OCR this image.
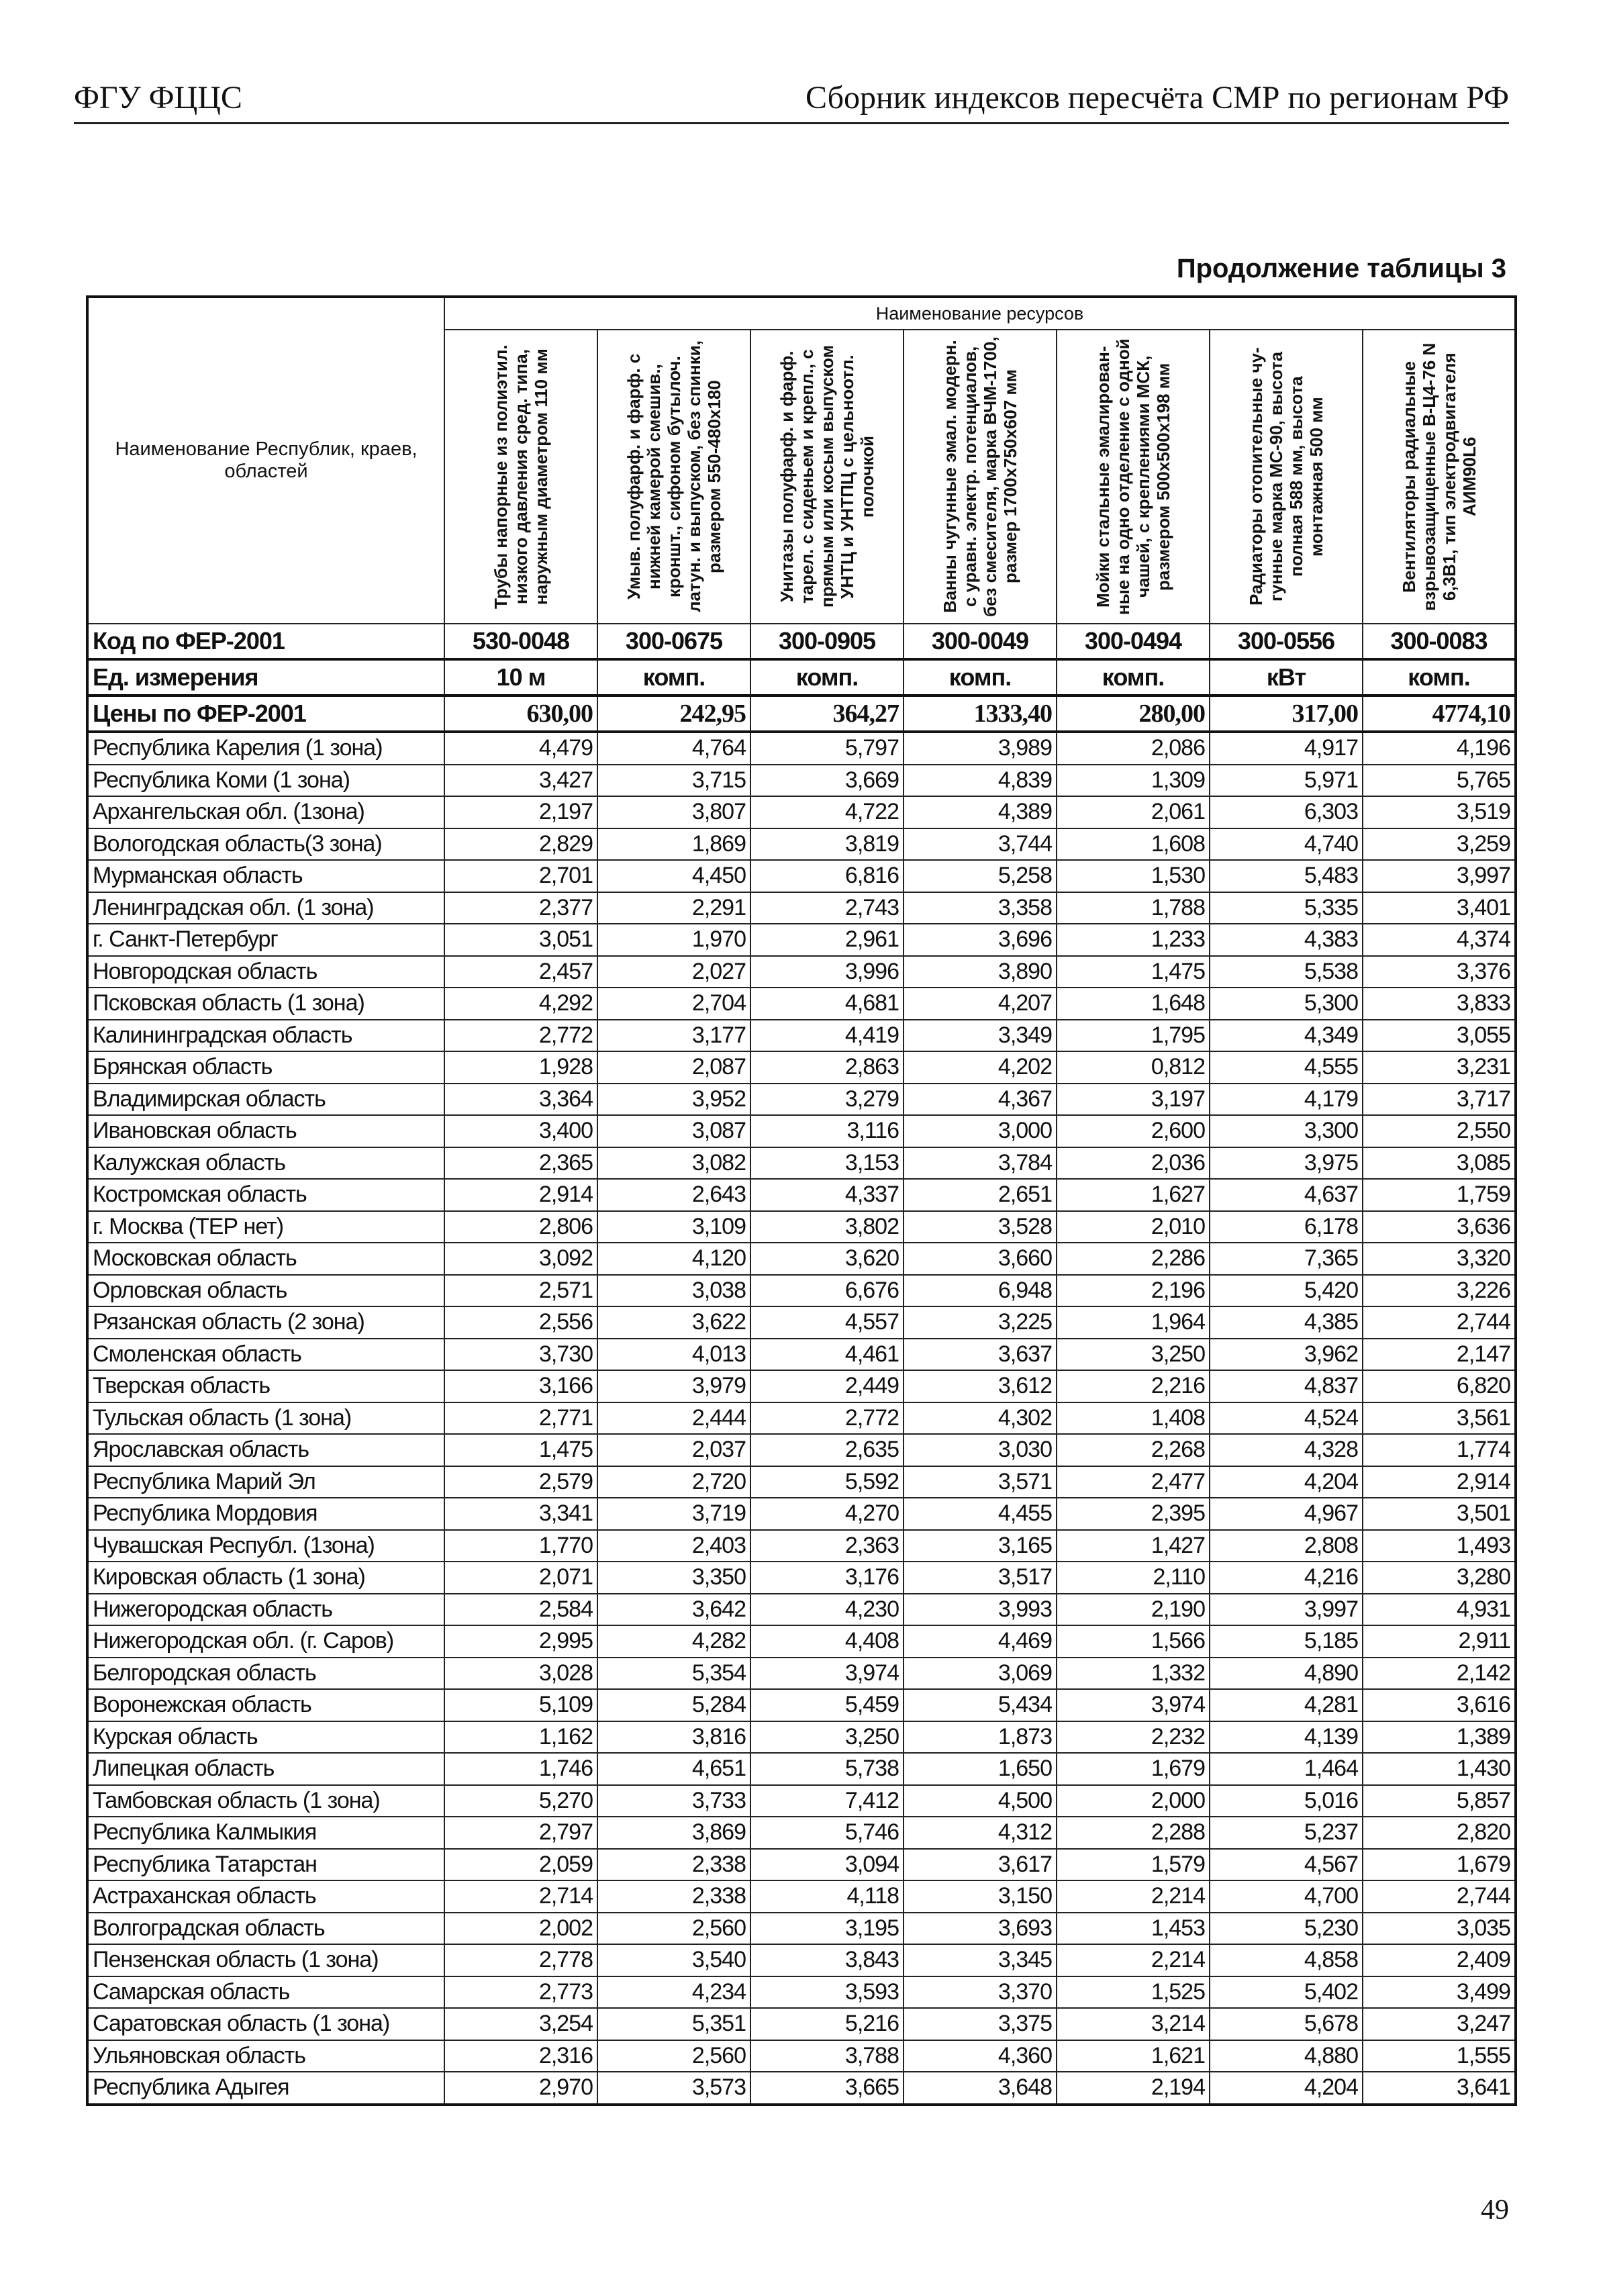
ФГУ ФЦЦС	Сборник индексов пересчёта СМР по регионам РФ
Продолжение таблицы 3
Наименование Республик, краев, областей	Наименование ресурсов						

	Трубы напорные из полиэтил. низкого давления сред. типа, наружным диаметром 110 мм	Умыв. полуфарф. и фарф. с нижней камерой смешив., кроншт., сифоном бутылоч. латун. и выпуском, без спинки, размером 550-480х180	Унитазы полуфарф. и фарф. тарел. с сиденьем и крепл., с прямым или косым выпуском УНТЦ и УНТПЦ с цельноотл. полочкой	Ванны чугунные эмал. модерн. с уравн. электр. потенциалов, без смесителя, марка ВЧМ-1700, размер 1700х750х607 мм	Мойки стальные эмалирован-ные на одно отделение с одной чашей, с креплениями МСК, размером 500х500х198 мм	Радиаторы отопительные чу-гунные марка МС-90, высота полная 588 мм, высота монтажная 500 мм	Вентиляторы радиальные взрывозащищенные В-Ц4-76 N 6,3В1, тип электродвигателя АИМ90L6

Код по ФЕР-2001	530-0048	300-0675	300-0905	300-0049	300-0494	300-0556	300-0083
Ед. измерения	10 м	комп.	комп.	комп.	комп.	кВт	комп.
Цены по ФЕР-2001	630,00	242,95	364,27	1333,40	280,00	317,00	4774,10
Республика Карелия (1 зона)	4,479	4,764	5,797	3,989	2,086	4,917	4,196
Республика Коми (1 зона)	3,427	3,715	3,669	4,839	1,309	5,971	5,765
Архангельская обл. (1зона)	2,197	3,807	4,722	4,389	2,061	6,303	3,519
Вологодская область(3 зона)	2,829	1,869	3,819	3,744	1,608	4,740	3,259
Мурманская область	2,701	4,450	6,816	5,258	1,530	5,483	3,997
Ленинградская обл. (1 зона)	2,377	2,291	2,743	3,358	1,788	5,335	3,401
г. Санкт-Петербург	3,051	1,970	2,961	3,696	1,233	4,383	4,374
Новгородская область	2,457	2,027	3,996	3,890	1,475	5,538	3,376
Псковская область (1 зона)	4,292	2,704	4,681	4,207	1,648	5,300	3,833
Калининградская область	2,772	3,177	4,419	3,349	1,795	4,349	3,055
Брянская область	1,928	2,087	2,863	4,202	0,812	4,555	3,231
Владимирская область	3,364	3,952	3,279	4,367	3,197	4,179	3,717
Ивановская область	3,400	3,087	3,116	3,000	2,600	3,300	2,550
Калужская область	2,365	3,082	3,153	3,784	2,036	3,975	3,085
Костромская область	2,914	2,643	4,337	2,651	1,627	4,637	1,759
г. Москва (ТЕР нет)	2,806	3,109	3,802	3,528	2,010	6,178	3,636
Московская область	3,092	4,120	3,620	3,660	2,286	7,365	3,320
Орловская область	2,571	3,038	6,676	6,948	2,196	5,420	3,226
Рязанская область (2 зона)	2,556	3,622	4,557	3,225	1,964	4,385	2,744
Смоленская область	3,730	4,013	4,461	3,637	3,250	3,962	2,147
Тверская область	3,166	3,979	2,449	3,612	2,216	4,837	6,820
Тульская область (1 зона)	2,771	2,444	2,772	4,302	1,408	4,524	3,561
Ярославская область	1,475	2,037	2,635	3,030	2,268	4,328	1,774
Республика Марий Эл	2,579	2,720	5,592	3,571	2,477	4,204	2,914
Республика Мордовия	3,341	3,719	4,270	4,455	2,395	4,967	3,501
Чувашская Республ. (1зона)	1,770	2,403	2,363	3,165	1,427	2,808	1,493
Кировская область (1 зона)	2,071	3,350	3,176	3,517	2,110	4,216	3,280
Нижегородская область	2,584	3,642	4,230	3,993	2,190	3,997	4,931
Нижегородская обл. (г. Саров)	2,995	4,282	4,408	4,469	1,566	5,185	2,911
Белгородская область	3,028	5,354	3,974	3,069	1,332	4,890	2,142
Воронежская область	5,109	5,284	5,459	5,434	3,974	4,281	3,616
Курская область	1,162	3,816	3,250	1,873	2,232	4,139	1,389
Липецкая область	1,746	4,651	5,738	1,650	1,679	1,464	1,430
Тамбовская область (1 зона)	5,270	3,733	7,412	4,500	2,000	5,016	5,857
Республика Калмыкия	2,797	3,869	5,746	4,312	2,288	5,237	2,820
Республика Татарстан	2,059	2,338	3,094	3,617	1,579	4,567	1,679
Астраханская область	2,714	2,338	4,118	3,150	2,214	4,700	2,744
Волгоградская область	2,002	2,560	3,195	3,693	1,453	5,230	3,035
Пензенская область (1 зона)	2,778	3,540	3,843	3,345	2,214	4,858	2,409
Самарская область	2,773	4,234	3,593	3,370	1,525	5,402	3,499
Саратовская область (1 зона)	3,254	5,351	5,216	3,375	3,214	5,678	3,247
Ульяновская область	2,316	2,560	3,788	4,360	1,621	4,880	1,555
Республика Адыгея	2,970	3,573	3,665	3,648	2,194	4,204	3,641
49
